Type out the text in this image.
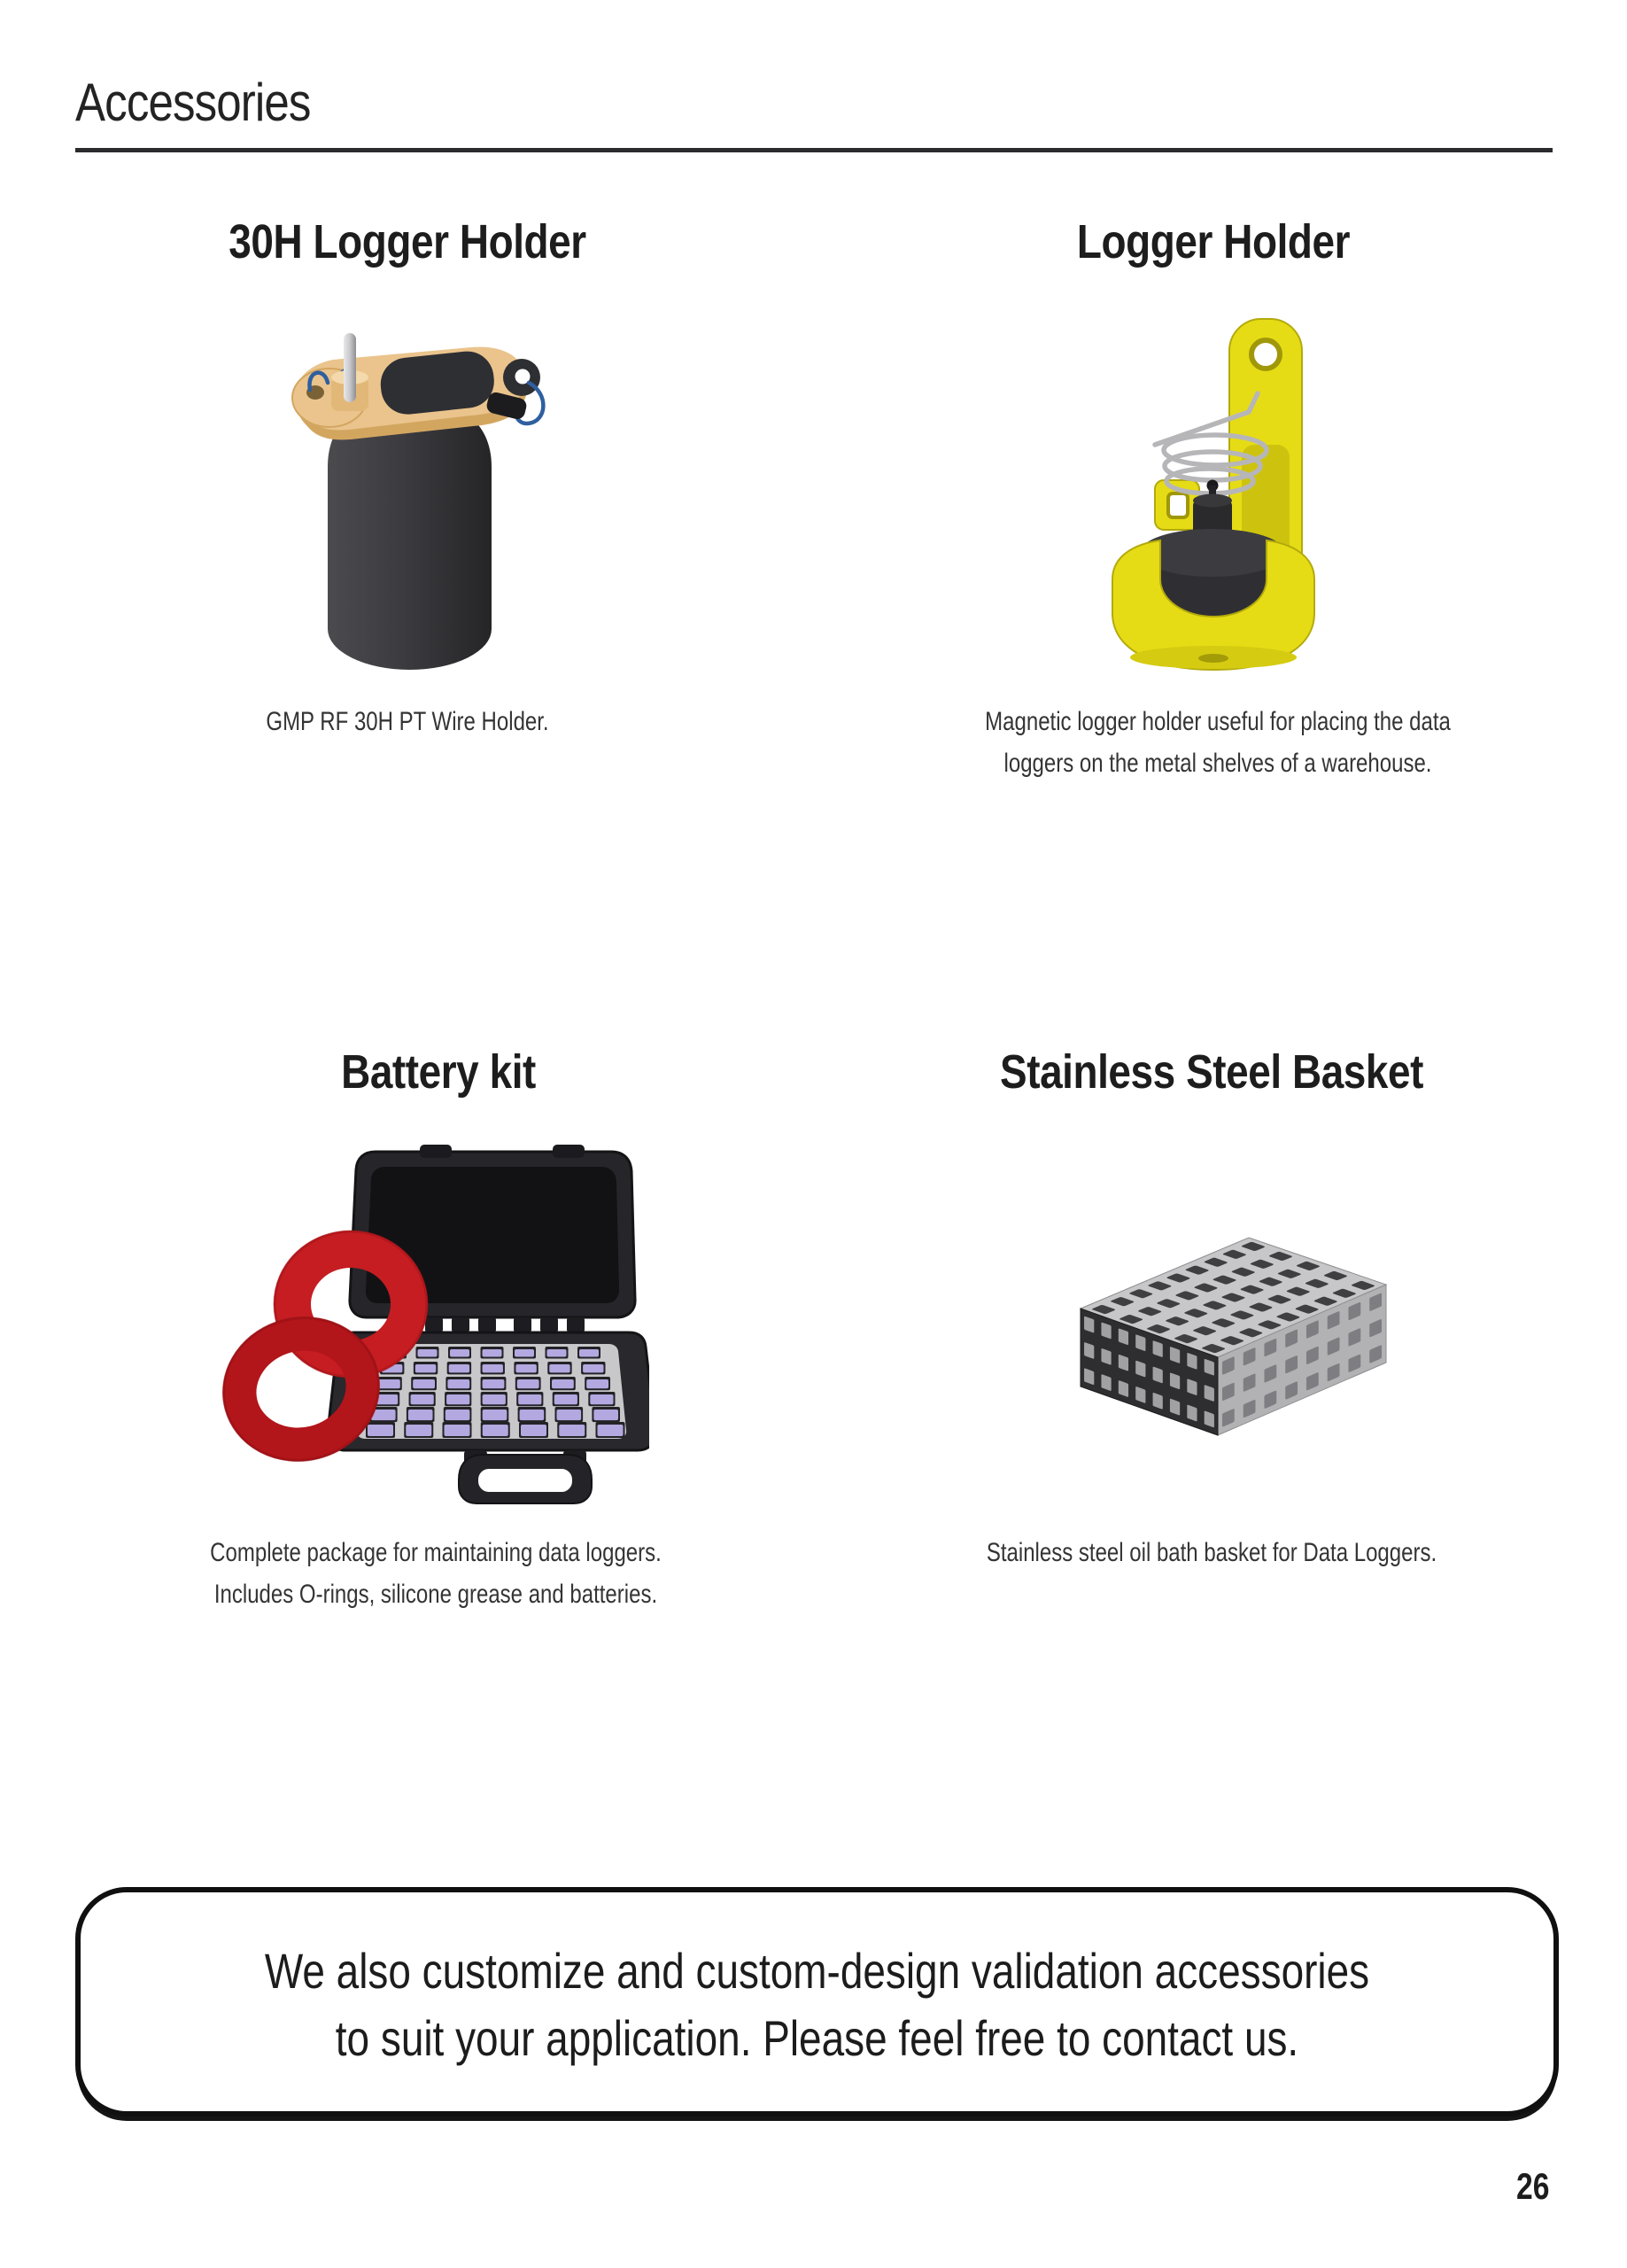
Accessories
30H Logger Holder	Logger Holder
GMP RF 30H PT Wire Holder.	Magnetic logger holder useful for placing the data loggers on the metal shelves of a warehouse.
Battery kit	Stainless Steel Basket
Complete package for maintaining data loggers. Includes O-rings, silicone grease and batteries.
Stainless steel oil bath basket for Data Loggers.
We also customize and custom-design validation accessories
to suit your application. Please feel free to contact us.
26
